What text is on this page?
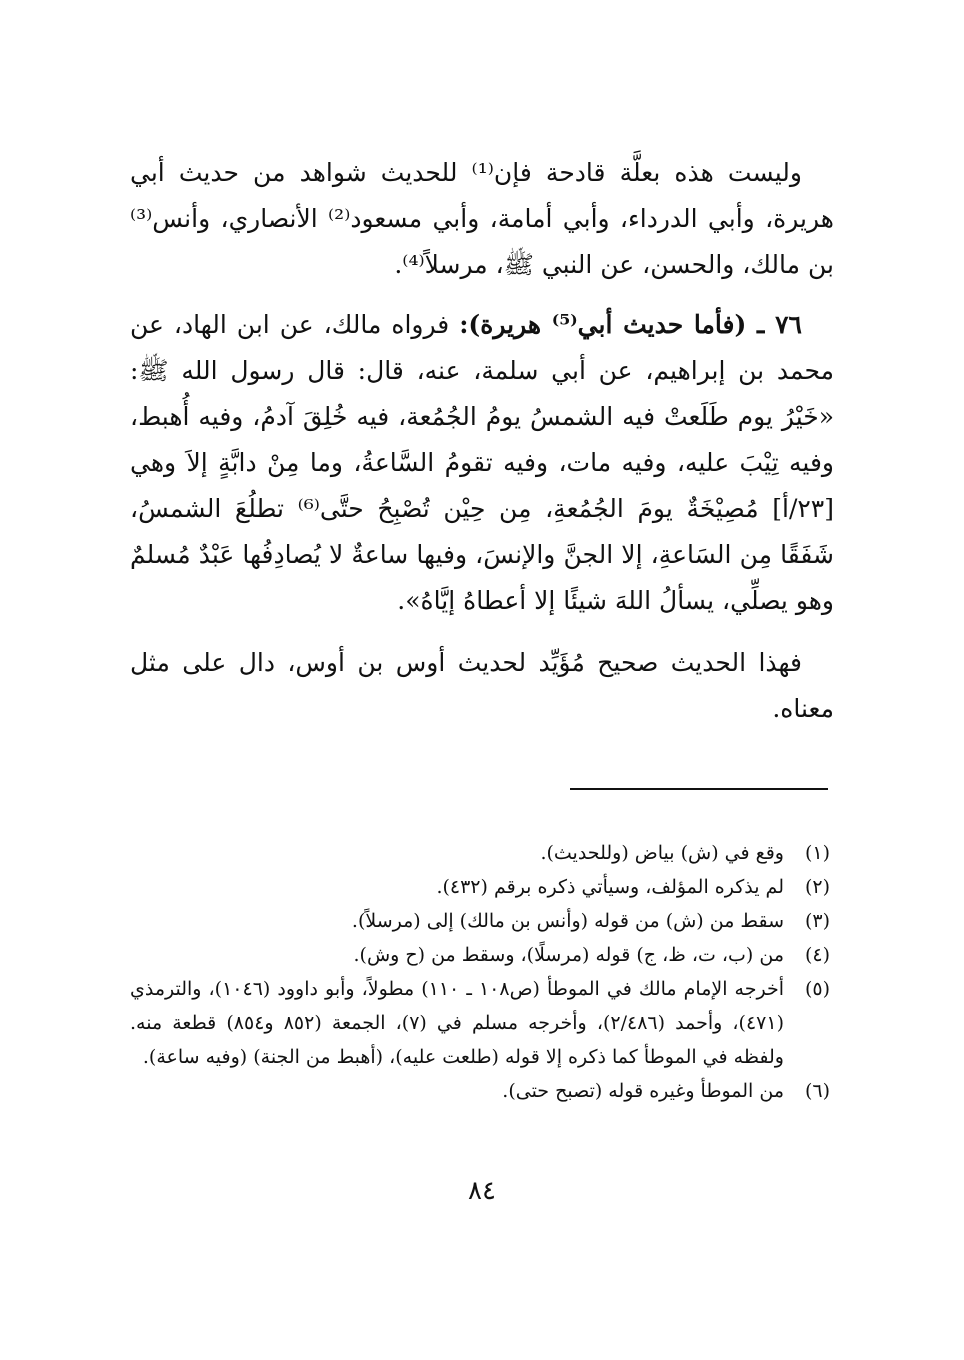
وليست هذه بعلَّة قادحة فإن⁽¹⁾ للحديث شواهد من حديث أبي هريرة، وأبي الدرداء، وأبي أمامة، وأبي مسعود⁽²⁾ الأنصاري، وأنس⁽³⁾ بن مالك، والحسن، عن النبي ﷺ، مرسلاً⁽⁴⁾.

٧٦ ـ (فأما حديث أبي⁽⁵⁾ هريرة): فرواه مالك، عن ابن الهاد، عن محمد بن إبراهيم، عن أبي سلمة، عنه، قال: قال رسول الله ﷺ: «خَيْرُ يوم طَلَعتْ فيه الشمسُ يومُ الجُمُعة، فيه خُلِقَ آدمُ، وفيه أُهبط، وفيه تِيْبَ عليه، وفيه مات، وفيه تقومُ السَّاعةُ، وما مِنْ دابَّةٍ إلاَ وهي [٢٣/أ] مُصِيْخَةٌ يومَ الجُمُعةِ، مِن حِيْن تُصْبِحُ حتَّى⁽⁶⁾ تطلُعَ الشمسُ، شَفَقًا مِن السَاعةِ، إلا الجنَّ والإنسَ، وفيها ساعةٌ لا يُصادِفُها عَبْدٌ مُسلمٌ وهو يصلِّي، يسألُ اللهَ شيئًا إلا أعطاهُ إيَّاهُ».

فهذا الحديث صحيح مُؤَيِّد لحديث أوس بن أوس، دال على مثل معناه.

(١)
وقع في (ش) بياض (وللحديث).
(٢)
لم يذكره المؤلف، وسيأتي ذكره برقم (٤٣٢).
(٣)
سقط من (ش) من قوله (وأنس بن مالك) إلى (مرسلاً).
(٤)
من (ب، ت، ظ، ج) قوله (مرسلًا)، وسقط من (ح وش).
(٥)
أخرجه الإمام مالك في الموطأ (ص١٠٨ ـ ١١٠) مطولاً، وأبو داوود (١٠٤٦)، والترمذي (٤٧١)، وأحمد (٢/٤٨٦)، وأخرجه مسلم في (٧)، الجمعة (٨٥٢ و٨٥٤) قطعة منه. ولفظه في الموطأ كما ذكره إلا قوله (طلعت عليه)، (أهبط من الجنة) (وفيه ساعة).
(٦)
من الموطأ وغيره قوله (تصبح حتى).
٨٤
